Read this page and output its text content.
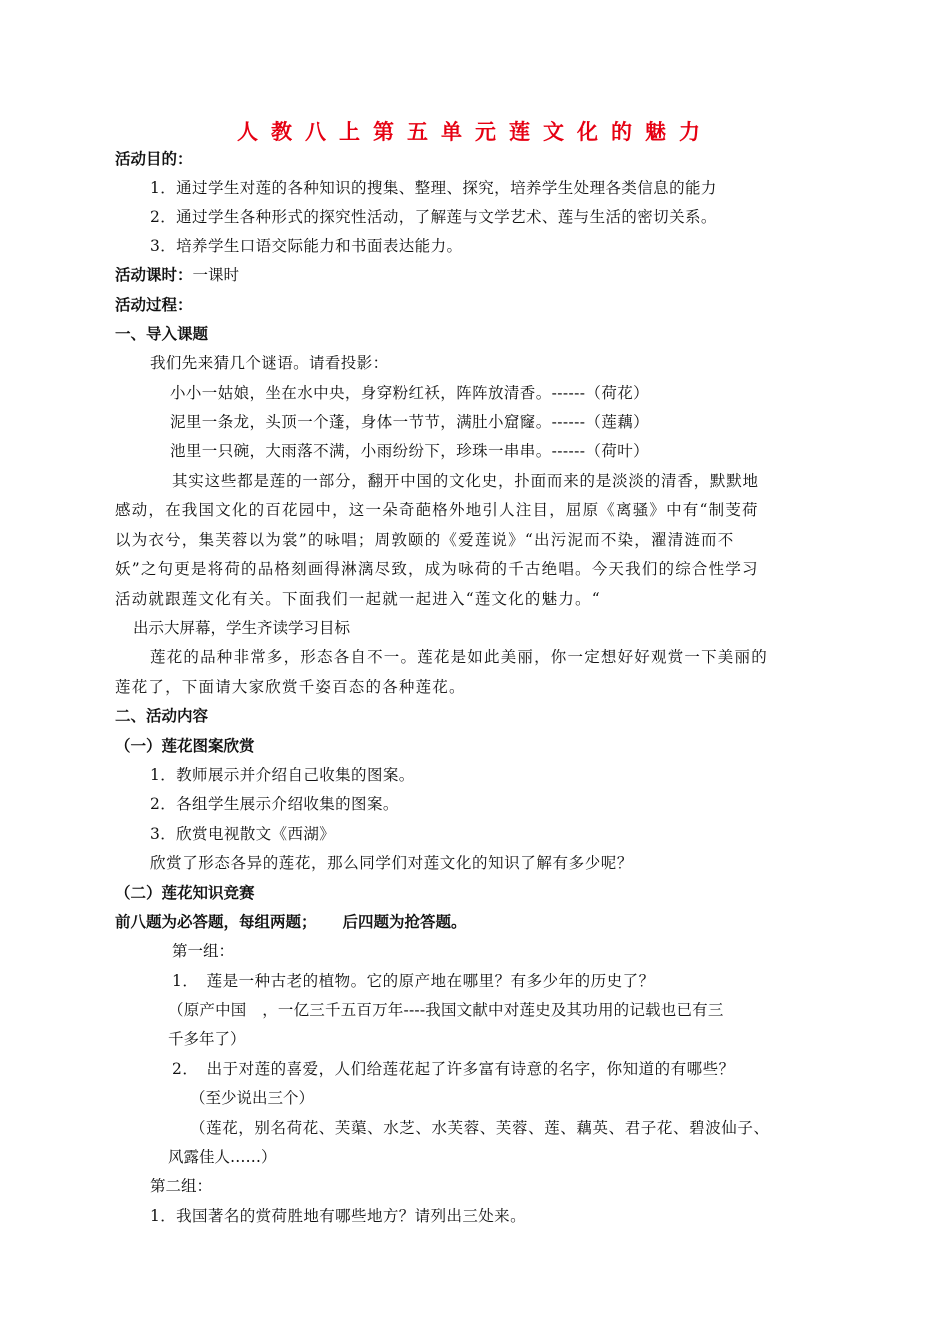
人教八上第五单元莲文化的魅力
活动目的：
1．通过学生对莲的各种知识的搜集、整理、探究，培养学生处理各类信息的能力
2．通过学生各种形式的探究性活动，了解莲与文学艺术、莲与生活的密切关系。
3．培养学生口语交际能力和书面表达能力。
活动课时：一课时
活动过程：
一、导入课题
我们先来猜几个谜语。请看投影：
小小一姑娘，坐在水中央，身穿粉红袄，阵阵放清香。------（荷花）
泥里一条龙，头顶一个蓬，身体一节节，满肚小窟窿。------（莲藕）
池里一只碗，大雨落不满，小雨纷纷下，珍珠一串串。------（荷叶）
其实这些都是莲的一部分，翻开中国的文化史，扑面而来的是淡淡的清香，默默地
感动，在我国文化的百花园中，这一朵奇葩格外地引人注目，屈原《离骚》中有“制芰荷
以为衣兮，集芙蓉以为裳”的咏唱；周敦颐的《爱莲说》“出污泥而不染，濯清涟而不
妖”之句更是将荷的品格刻画得淋漓尽致，成为咏荷的千古绝唱。今天我们的综合性学习
活动就跟莲文化有关。下面我们一起就一起进入“莲文化的魅力。“
出示大屏幕，学生齐读学习目标
莲花的品种非常多，形态各自不一。莲花是如此美丽，你一定想好好观赏一下美丽的
莲花了，下面请大家欣赏千姿百态的各种莲花。
二、活动内容
（一）莲花图案欣赏
1．教师展示并介绍自己收集的图案。
2．各组学生展示介绍收集的图案。
3．欣赏电视散文《西湖》
欣赏了形态各异的莲花，那么同学们对莲文化的知识了解有多少呢？
（二）莲花知识竞赛
前八题为必答题，每组两题； 后四题为抢答题。
第一组：
1．　莲是一种古老的植物。它的原产地在哪里？有多少年的历史了？
（原产中国　，一亿三千五百万年----我国文献中对莲史及其功用的记载也已有三
千多年了）
2．　出于对莲的喜爱，人们给莲花起了许多富有诗意的名字，你知道的有哪些？
（至少说出三个）
（莲花，别名荷花、芙蕖、水芝、水芙蓉、芙蓉、莲、藕英、君子花、碧波仙子、
风露佳人……）
第二组：
1．我国著名的赏荷胜地有哪些地方？请列出三处来。
